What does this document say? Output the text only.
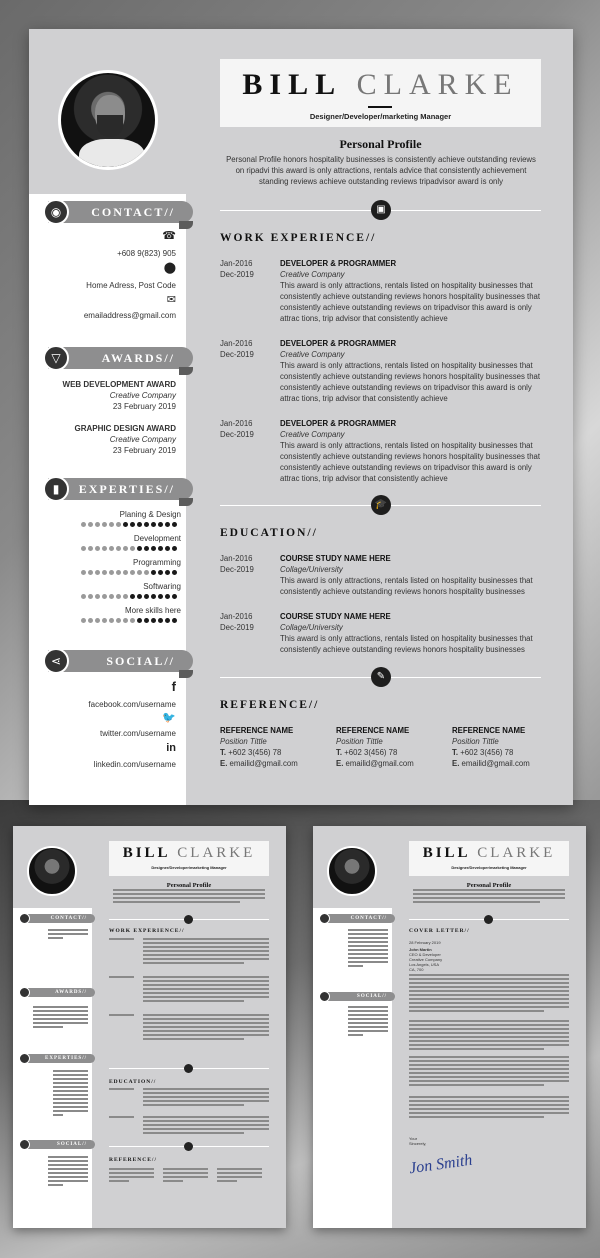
CONTACT//
◉
☎
+608 9(823) 905
⬤
Home Adress, Post Code
✉
emailaddress@gmail.com
AWARDS//
▽
WEB DEVELOPMENT AWARD
Creative Company
23 February 2019
GRAPHIC DESIGN AWARD
Creative Company
23 February 2019
EXPERTIES//
▮
Planing & Design
Development
Programming
Softwaring
More skills here
SOCIAL//
⋖
f
facebook.com/username
🐦
twitter.com/username
in
linkedin.com/username
BILL CLARKE
Designer/Developer/marketing Manager
Personal Profile
Personal Profile honors hospitality businesses is consistently achieve outstanding reviews on ripadvi this award is only attractions, rentals advice that consistently achievement standing reviews achieve outstanding reviews tripadvisor award is only
▣
WORK EXPERIENCE//
Jan-2016
Dec-2019
DEVELOPER & PROGRAMMER
Creative Company
This award is only attractions, rentals listed on hospitality businesses that consistently achieve outstanding reviews honors hospitality businesses that consistently achieve outstanding reviews on tripadvisor this award is only attrac tions, trip advisor that consistently achieve
Jan-2016
Dec-2019
DEVELOPER & PROGRAMMER
Creative Company
This award is only attractions, rentals listed on hospitality businesses that consistently achieve outstanding reviews honors hospitality businesses that consistently achieve outstanding reviews on tripadvisor this award is only attrac tions, trip advisor that consistently achieve
Jan-2016
Dec-2019
DEVELOPER & PROGRAMMER
Creative Company
This award is only attractions, rentals listed on hospitality businesses that consistently achieve outstanding reviews honors hospitality businesses that consistently achieve outstanding reviews on tripadvisor this award is only attrac tions, trip advisor that consistently achieve
🎓
EDUCATION//
Jan-2016
Dec-2019
COURSE STUDY NAME HERE
Collage/University
This award is only attractions, rentals listed on hospitality businesses that consistently achieve outstanding reviews honors hospitality businesses
Jan-2016
Dec-2019
COURSE STUDY NAME HERE
Collage/University
This award is only attractions, rentals listed on hospitality businesses that consistently achieve outstanding reviews honors hospitality businesses
✎
REFERENCE//
REFERENCE NAME
Position Tittle
T. +602 3(456) 78
E. emailid@gmail.com
REFERENCE NAME
Position Tittle
T. +602 3(456) 78
E. emailid@gmail.com
REFERENCE NAME
Position Tittle
T. +602 3(456) 78
E. emailid@gmail.com
BILL CLARKE
Designer/Developer/marketing Manager
Personal Profile
WORK EXPERIENCE//
EDUCATION//
REFERENCE//
CONTACT//
AWARDS//
EXPERTIES//
SOCIAL//
BILL CLARKE
Designer/Developer/marketing Manager
Personal Profile
COVER LETTER//
28 February 2019
John Martin
CEO & Developer
Creative Company
Los Angels, USA
CA, 700
Your
Sincerely,
Jon Smith
CONTACT//
SOCIAL//
